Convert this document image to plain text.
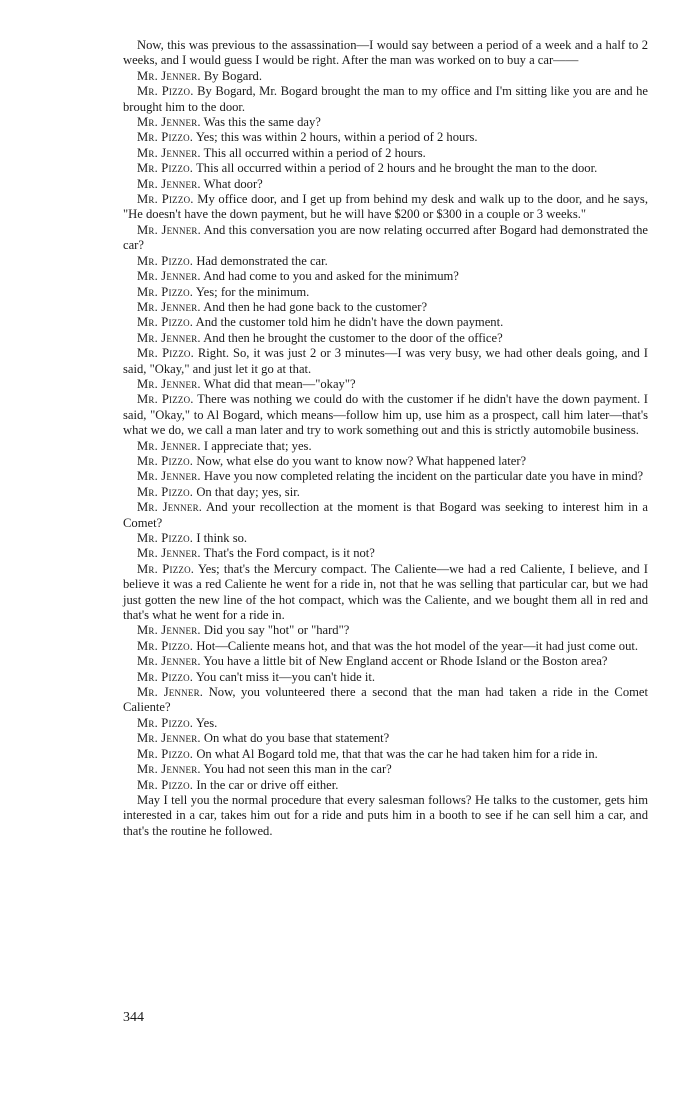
Now, this was previous to the assassination—I would say between a period of a week and a half to 2 weeks, and I would guess I would be right. After the man was worked on to buy a car——

Mr. Jenner. By Bogard.

Mr. Pizzo. By Bogard, Mr. Bogard brought the man to my office and I'm sitting like you are and he brought him to the door.

Mr. Jenner. Was this the same day?

Mr. Pizzo. Yes; this was within 2 hours, within a period of 2 hours.

Mr. Jenner. This all occurred within a period of 2 hours.

Mr. Pizzo. This all occurred within a period of 2 hours and he brought the man to the door.

Mr. Jenner. What door?

Mr. Pizzo. My office door, and I get up from behind my desk and walk up to the door, and he says, "He doesn't have the down payment, but he will have $200 or $300 in a couple or 3 weeks."

Mr. Jenner. And this conversation you are now relating occurred after Bogard had demonstrated the car?

Mr. Pizzo. Had demonstrated the car.

Mr. Jenner. And had come to you and asked for the minimum?

Mr. Pizzo. Yes; for the minimum.

Mr. Jenner. And then he had gone back to the customer?

Mr. Pizzo. And the customer told him he didn't have the down payment.

Mr. Jenner. And then he brought the customer to the door of the office?

Mr. Pizzo. Right. So, it was just 2 or 3 minutes—I was very busy, we had other deals going, and I said, "Okay," and just let it go at that.

Mr. Jenner. What did that mean—"okay"?

Mr. Pizzo. There was nothing we could do with the customer if he didn't have the down payment. I said, "Okay," to Al Bogard, which means—follow him up, use him as a prospect, call him later—that's what we do, we call a man later and try to work something out and this is strictly automobile business.

Mr. Jenner. I appreciate that; yes.

Mr. Pizzo. Now, what else do you want to know now? What happened later?

Mr. Jenner. Have you now completed relating the incident on the particular date you have in mind?

Mr. Pizzo. On that day; yes, sir.

Mr. Jenner. And your recollection at the moment is that Bogard was seeking to interest him in a Comet?

Mr. Pizzo. I think so.

Mr. Jenner. That's the Ford compact, is it not?

Mr. Pizzo. Yes; that's the Mercury compact. The Caliente—we had a red Caliente, I believe, and I believe it was a red Caliente he went for a ride in, not that he was selling that particular car, but we had just gotten the new line of the hot compact, which was the Caliente, and we bought them all in red and that's what he went for a ride in.

Mr. Jenner. Did you say "hot" or "hard"?

Mr. Pizzo. Hot—Caliente means hot, and that was the hot model of the year—it had just come out.

Mr. Jenner. You have a little bit of New England accent or Rhode Island or the Boston area?

Mr. Pizzo. You can't miss it—you can't hide it.

Mr. Jenner. Now, you volunteered there a second that the man had taken a ride in the Comet Caliente?

Mr. Pizzo. Yes.

Mr. Jenner. On what do you base that statement?

Mr. Pizzo. On what Al Bogard told me, that that was the car he had taken him for a ride in.

Mr. Jenner. You had not seen this man in the car?

Mr. Pizzo. In the car or drive off either.

May I tell you the normal procedure that every salesman follows? He talks to the customer, gets him interested in a car, takes him out for a ride and puts him in a booth to see if he can sell him a car, and that's the routine he followed.

344
